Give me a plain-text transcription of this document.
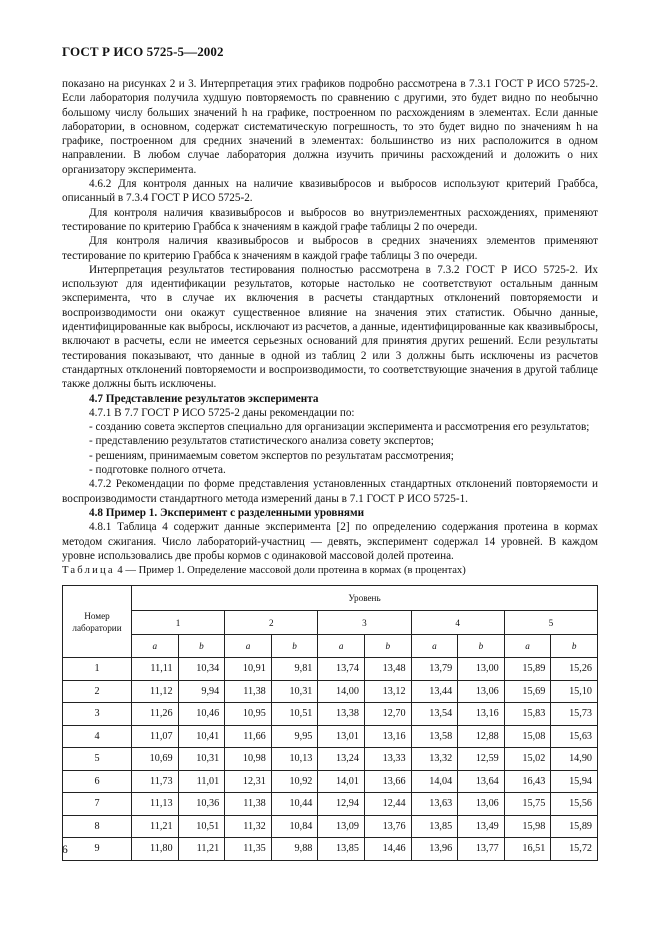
ГОСТ Р ИСО 5725-5—2002

показано на рисунках 2 и 3. Интерпретация этих графиков подробно рассмотрена в 7.3.1 ГОСТ Р ИСО 5725-2. Если лаборатория получила худшую повторяемость по сравнению с другими, это будет видно по необычно большому числу больших значений h на графике, построенном по расхождениям в элементах. Если данные лаборатории, в основном, содержат систематическую погрешность, то это будет видно по значениям h на графике, построенном для средних значений в элементах: большинство из них расположится в одном направлении. В любом случае лаборатория должна изучить причины расхождений и доложить о них организатору эксперимента.

4.6.2 Для контроля данных на наличие квазивыбросов и выбросов используют критерий Граббса, описанный в 7.3.4 ГОСТ Р ИСО 5725-2.

Для контроля наличия квазивыбросов и выбросов во внутриэлементных расхождениях, применяют тестирование по критерию Граббса к значениям в каждой графе таблицы 2 по очереди.

Для контроля наличия квазивыбросов и выбросов в средних значениях элементов применяют тестирование по критерию Граббса к значениям в каждой графе таблицы 3 по очереди.

Интерпретация результатов тестирования полностью рассмотрена в 7.3.2 ГОСТ Р ИСО 5725-2. Их используют для идентификации результатов, которые настолько не соответствуют остальным данным эксперимента, что в случае их включения в расчеты стандартных отклонений повторяемости и воспроизводимости они окажут существенное влияние на значения этих статистик. Обычно данные, идентифицированные как выбросы, исключают из расчетов, а данные, идентифицированные как квазивыбросы, включают в расчеты, если не имеется серьезных оснований для принятия других решений. Если результаты тестирования показывают, что данные в одной из таблиц 2 или 3 должны быть исключены из расчетов стандартных отклонений повторяемости и воспроизводимости, то соответствующие значения в другой таблице также должны быть исключены.

4.7 Представление результатов эксперимента

4.7.1 В 7.7 ГОСТ Р ИСО 5725-2 даны рекомендации по:

- созданию совета экспертов специально для организации эксперимента и рассмотрения его результатов;

- представлению результатов статистического анализа совету экспертов;

- решениям, принимаемым советом экспертов по результатам рассмотрения;

- подготовке полного отчета.

4.7.2 Рекомендации по форме представления установленных стандартных отклонений повторяемости и воспроизводимости стандартного метода измерений даны в 7.1 ГОСТ Р ИСО 5725-1.

4.8 Пример 1. Эксперимент с разделенными уровнями

4.8.1 Таблица 4 содержит данные эксперимента [2] по определению содержания протеина в кормах методом сжигания. Число лабораторий-участниц — девять, эксперимент содержал 14 уровней. В каждом уровне использовались две пробы кормов с одинаковой массовой долей протеина.

Таблица 4 — Пример 1. Определение массовой доли протеина в кормах (в процентах)
Номер лаборатории	Уровень									
	1		2		3		4		5	
	a	b	a	b	a	b	a	b	a	b
1	11,11	10,34	10,91	9,81	13,74	13,48	13,79	13,00	15,89	15,26
2	11,12	9,94	11,38	10,31	14,00	13,12	13,44	13,06	15,69	15,10
3	11,26	10,46	10,95	10,51	13,38	12,70	13,54	13,16	15,83	15,73
4	11,07	10,41	11,66	9,95	13,01	13,16	13,58	12,88	15,08	15,63
5	10,69	10,31	10,98	10,13	13,24	13,33	13,32	12,59	15,02	14,90
6	11,73	11,01	12,31	10,92	14,01	13,66	14,04	13,64	16,43	15,94
7	11,13	10,36	11,38	10,44	12,94	12,44	13,63	13,06	15,75	15,56
8	11,21	10,51	11,32	10,84	13,09	13,76	13,85	13,49	15,98	15,89
9	11,80	11,21	11,35	9,88	13,85	14,46	13,96	13,77	16,51	15,72
6
